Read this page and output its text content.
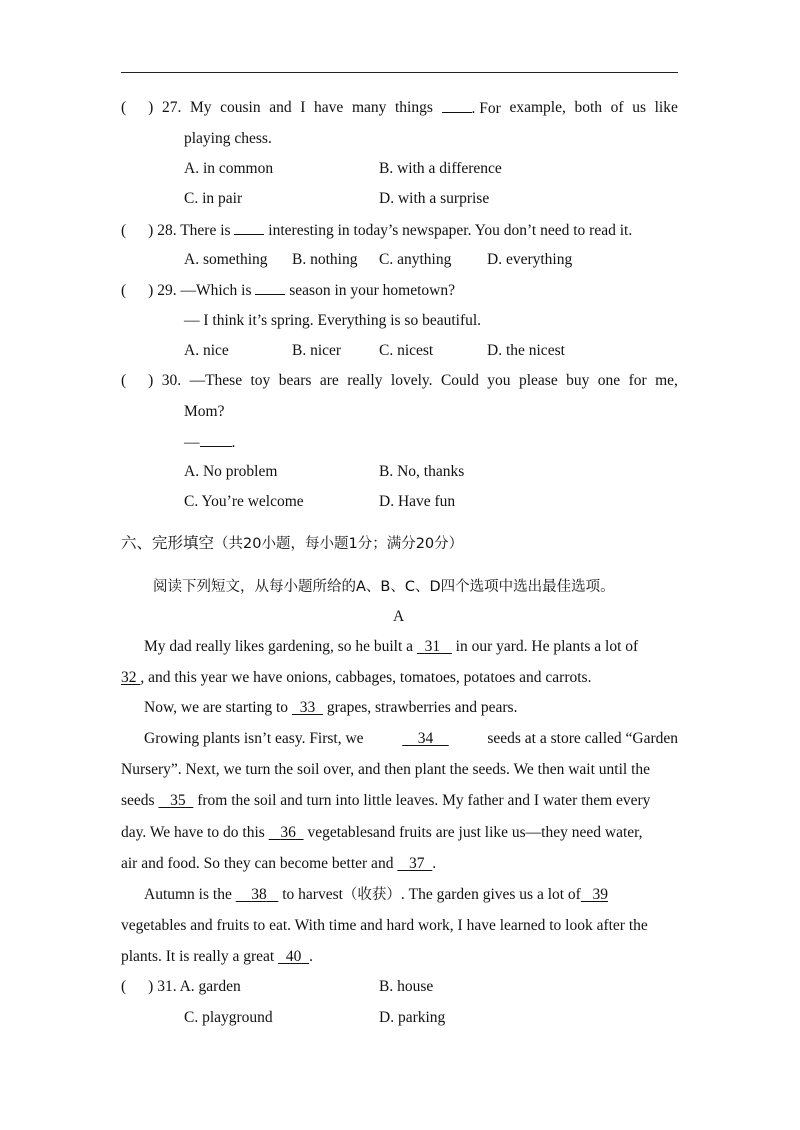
( ) 27. My cousin and I have many things	. For example, both of us like
playing chess.
A. in common	B. with a difference
C. in pair	D. with a surprise
( ) 28. There is interesting in today’s newspaper. You don’t need to read it.
A. something B. nothing C. anything D. everything
( ) 29. —Which is season in your hometown?
— I think it’s spring. Everything is so beautiful.
A. nice	B. nicer C. nicest	D. the nicest
( ) 30. —These toy bears are really lovely. Could you please buy one for me,
Mom?
— .
A. No problem	B. No, thanks
C. You’re welcome	D. Have fun
六、完形填空（共20小题，每小题1分；满分20分）
阅读下列短文，从每小题所给的A、B、C、D四个选项中选出最佳选项。
A
My dad really likes gardening, so he built a 31 in our yard. He plants a lot of
32 , and this year we have onions, cabbages, tomatoes, potatoes and carrots.
Now, we are starting to 33 grapes, strawberries and pears.
Growing plants isn’t easy. First, we	34	seeds at a store called “Garden
Nursery”. Next, we turn the soil over, and then plant the seeds. We then wait until the
seeds 35 from the soil and turn into little leaves. My father and I water them every
day. We have to do this 36 vegetablesand fruits are just like us—they need water,
air and food. So they can become better and 37 .
Autumn is the 38 to harvest（收获）. The garden gives us a lot of 39
vegetables and fruits to eat. With time and hard work, I have learned to look after the
plants. It is really a great 40 .
( ) 31. A. garden	B. house
C. playground	D. parking
